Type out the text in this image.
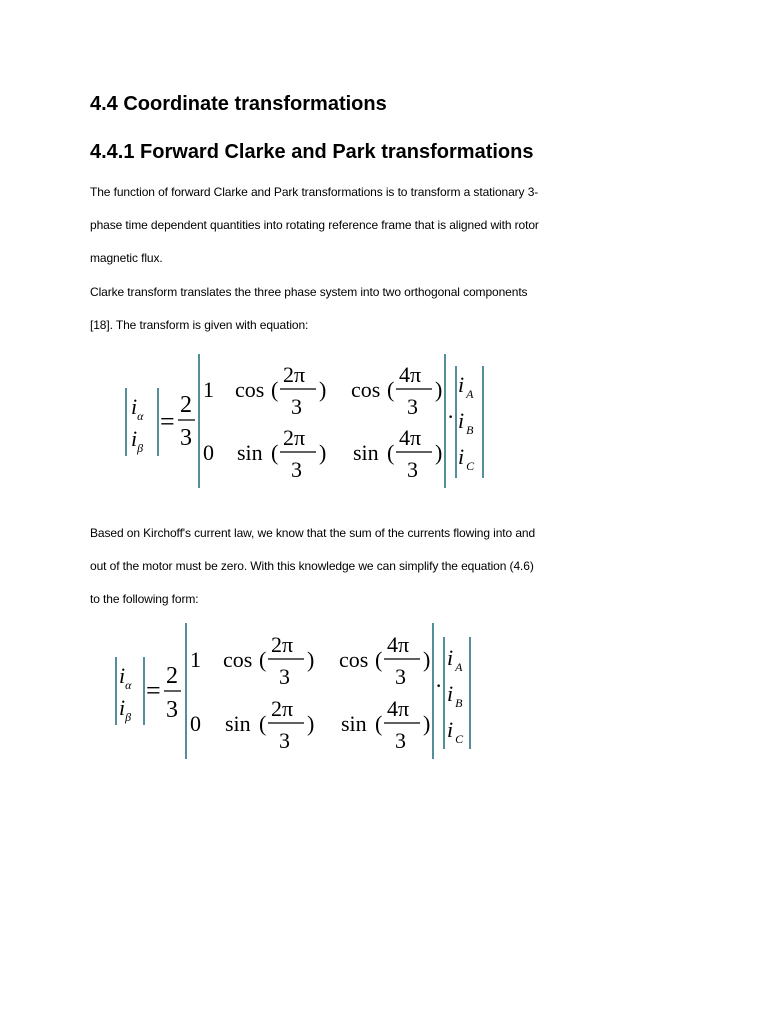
4.4 Coordinate transformations
4.4.1 Forward Clarke and Park transformations
The function of forward Clarke and Park transformations is to transform a stationary 3-
phase time dependent quantities into rotating reference frame that is aligned with rotor
magnetic flux.
Clarke transform translates the three phase system into two orthogonal components
[18]. The transform is given with equation:
$i_\alpha$
$i_\beta$
=
2
3
1
0
cos (
2π
3
) cos (
4π
3
)
sin (
2π
3
) sin (
4π
3
)
·
i $_A$
i $_B$
i $_C$
$i_\alpha$
$i_\beta$
= 2
3
1
0
cos (
2π
3
) cos (
4π
3
)
sin (
2π
3
) sin (
4π
3
)
·
i $_A$
i $_B$
i $_C$
Based on Kirchoff's current law, we know that the sum of the currents flowing into and
out of the motor must be zero. With this knowledge we can simplify the equation (4.6)
to the following form:
